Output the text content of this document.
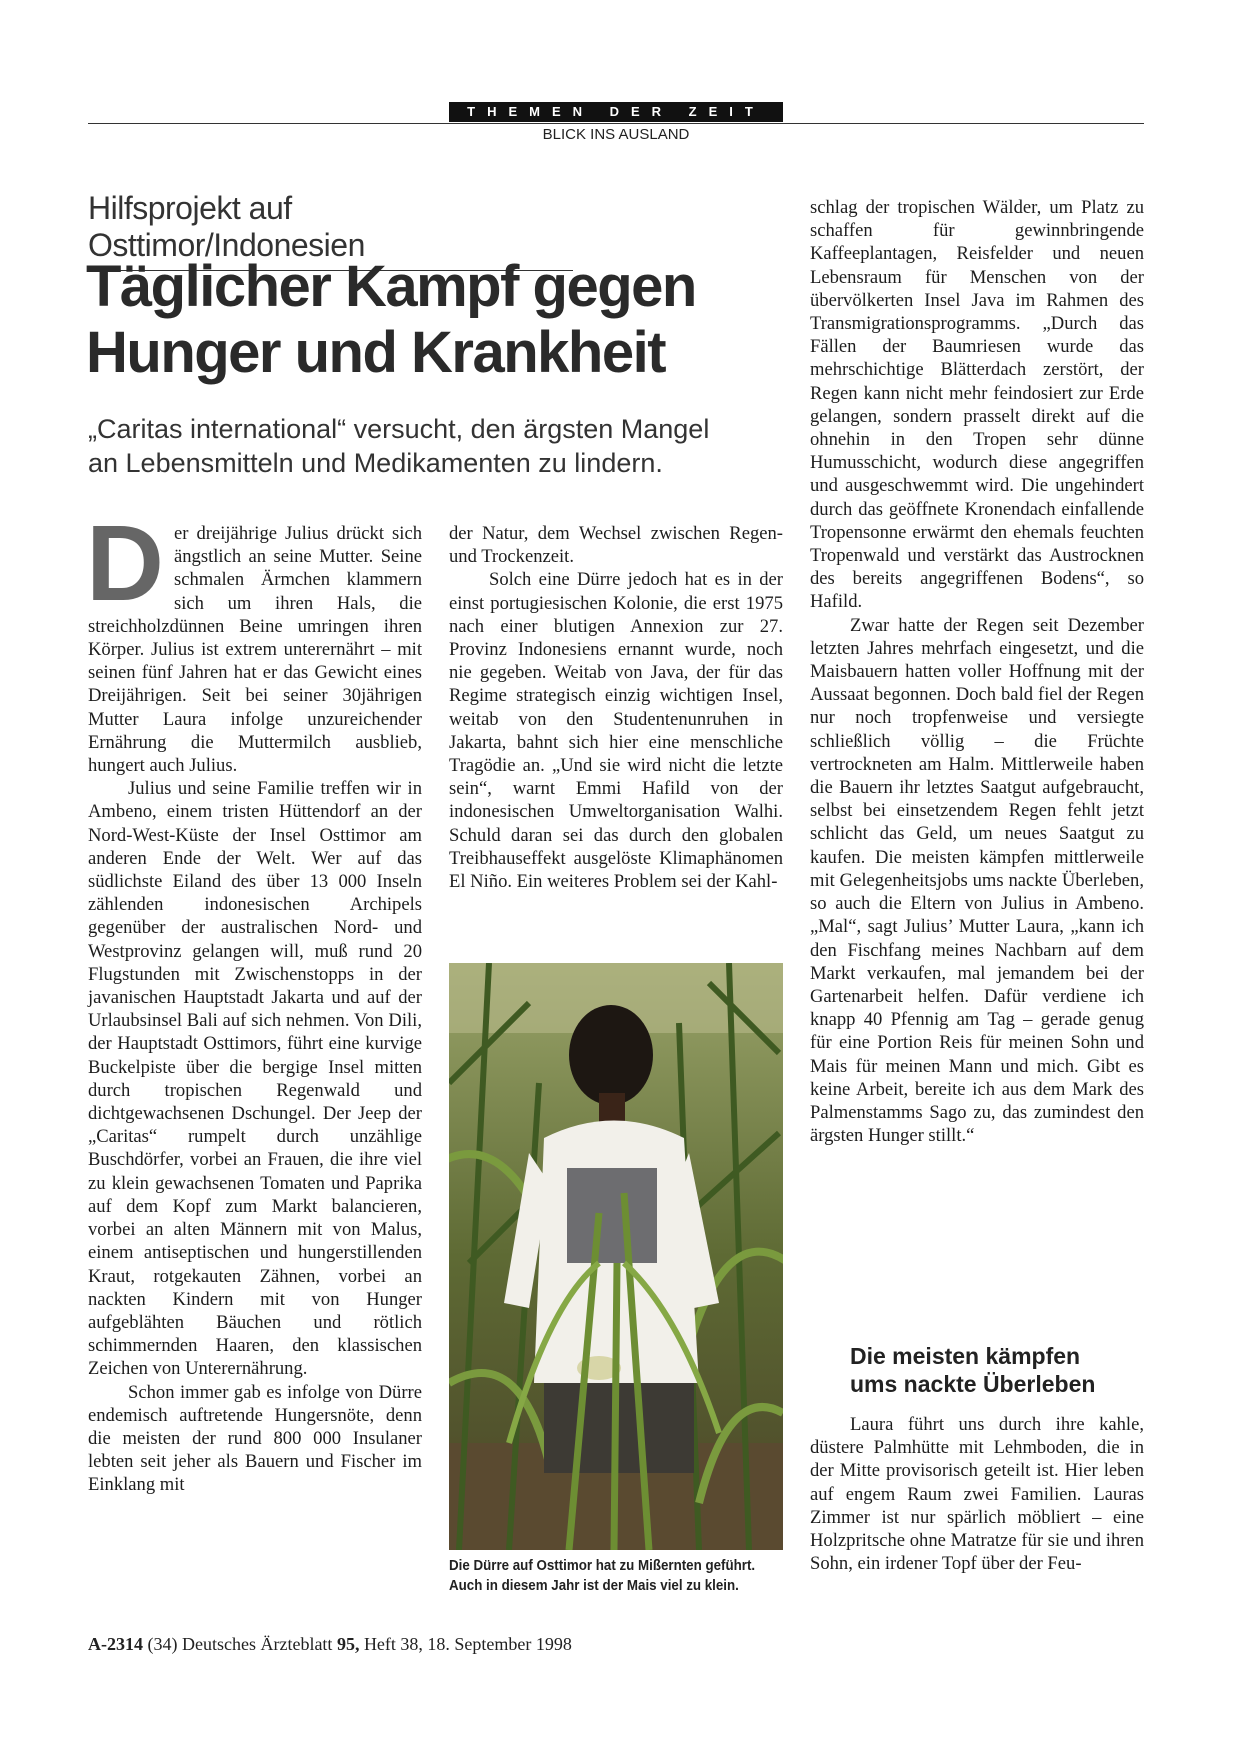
THEMEN DER ZEIT
BLICK INS AUSLAND
Hilfsprojekt auf Osttimor/Indonesien
Täglicher Kampf gegen
Hunger und Krankheit

„Caritas international“ versucht, den ärgsten Mangel an Lebensmitteln und Medikamenten zu lindern.

Der dreijährige Julius drückt sich ängstlich an seine Mutter. Seine schmalen Ärmchen klammern sich um ihren Hals, die streichholzdünnen Beine umringen ihren Körper. Julius ist extrem unterernährt – mit seinen fünf Jahren hat er das Gewicht eines Dreijährigen. Seit bei seiner 30jährigen Mutter Laura infolge unzureichender Ernährung die Muttermilch ausblieb, hungert auch Julius.

Julius und seine Familie treffen wir in Ambeno, einem tristen Hüttendorf an der Nord-West-Küste der Insel Osttimor am anderen Ende der Welt. Wer auf das südlichste Eiland des über 13 000 Inseln zählenden indonesischen Archipels gegenüber der australischen Nord- und Westprovinz gelangen will, muß rund 20 Flugstunden mit Zwischenstopps in der javanischen Hauptstadt Jakarta und auf der Urlaubsinsel Bali auf sich nehmen. Von Dili, der Hauptstadt Osttimors, führt eine kurvige Buckelpiste über die bergige Insel mitten durch tropischen Regenwald und dichtgewachsenen Dschungel. Der Jeep der „Caritas“ rumpelt durch unzählige Buschdörfer, vorbei an Frauen, die ihre viel zu klein gewachsenen Tomaten und Paprika auf dem Kopf zum Markt balancieren, vorbei an alten Männern mit von Malus, einem antiseptischen und hungerstillenden Kraut, rotgekauten Zähnen, vorbei an nackten Kindern mit von Hunger aufgeblähten Bäuchen und rötlich schimmernden Haaren, den klassischen Zeichen von Unterernährung.

Schon immer gab es infolge von Dürre endemisch auftretende Hungersnöte, denn die meisten der rund 800 000 Insulaner lebten seit jeher als Bauern und Fischer im Einklang mit

der Natur, dem Wechsel zwischen Regen- und Trockenzeit.

Solch eine Dürre jedoch hat es in der einst portugiesischen Kolonie, die erst 1975 nach einer blutigen Annexion zur 27. Provinz Indonesiens ernannt wurde, noch nie gegeben. Weitab von Java, der für das Regime strategisch einzig wichtigen Insel, weitab von den Studentenunruhen in Jakarta, bahnt sich hier eine menschliche Tragödie an. „Und sie wird nicht die letzte sein“, warnt Emmi Hafild von der indonesischen Umweltorganisation Walhi. Schuld daran sei das durch den globalen Treibhauseffekt ausgelöste Klimaphänomen El Niño. Ein weiteres Problem sei der Kahl-

Die Dürre auf Osttimor hat zu Mißernten geführt. Auch in diesem Jahr ist der Mais viel zu klein.

schlag der tropischen Wälder, um Platz zu schaffen für gewinnbringende Kaffeeplantagen, Reisfelder und neuen Lebensraum für Menschen von der übervölkerten Insel Java im Rahmen des Transmigrationsprogramms. „Durch das Fällen der Baumriesen wurde das mehrschichtige Blätterdach zerstört, der Regen kann nicht mehr feindosiert zur Erde gelangen, sondern prasselt direkt auf die ohnehin in den Tropen sehr dünne Humusschicht, wodurch diese angegriffen und ausgeschwemmt wird. Die ungehindert durch das geöffnete Kronendach einfallende Tropensonne erwärmt den ehemals feuchten Tropenwald und verstärkt das Austrocknen des bereits angegriffenen Bodens“, so Hafild.

Zwar hatte der Regen seit Dezember letzten Jahres mehrfach eingesetzt, und die Maisbauern hatten voller Hoffnung mit der Aussaat begonnen. Doch bald fiel der Regen nur noch tropfenweise und versiegte schließlich völlig – die Früchte vertrockneten am Halm. Mittlerweile haben die Bauern ihr letztes Saatgut aufgebraucht, selbst bei einsetzendem Regen fehlt jetzt schlicht das Geld, um neues Saatgut zu kaufen. Die meisten kämpfen mittlerweile mit Gelegenheitsjobs ums nackte Überleben, so auch die Eltern von Julius in Ambeno. „Mal“, sagt Julius’ Mutter Laura, „kann ich den Fischfang meines Nachbarn auf dem Markt verkaufen, mal jemandem bei der Gartenarbeit helfen. Dafür verdiene ich knapp 40 Pfennig am Tag – gerade genug für eine Portion Reis für meinen Sohn und Mais für meinen Mann und mich. Gibt es keine Arbeit, bereite ich aus dem Mark des Palmenstamms Sago zu, das zumindest den ärgsten Hunger stillt.“

Die meisten kämpfen
ums nackte Überleben

Laura führt uns durch ihre kahle, düstere Palmhütte mit Lehmboden, die in der Mitte provisorisch geteilt ist. Hier leben auf engem Raum zwei Familien. Lauras Zimmer ist nur spärlich möbliert – eine Holzpritsche ohne Matratze für sie und ihren Sohn, ein irdener Topf über der Feu-

A-2314 (34) Deutsches Ärzteblatt 95, Heft 38, 18. September 1998
